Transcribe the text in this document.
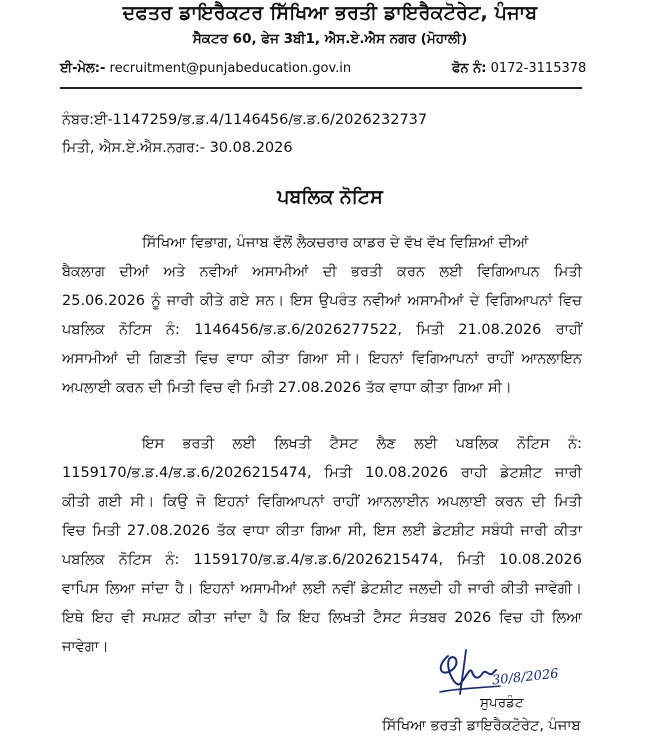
ਦਫਤਰ ਡਾਇਰੈਕਟਰ ਸਿੱਖਿਆ ਭਰਤੀ ਡਾਇਰੈਕਟੋਰੇਟ, ਪੰਜਾਬ
ਸੈਕਟਰ 60, ਫੇਜ 3ਬੀ1, ਐਸ.ਏ.ਐਸ ਨਗਰ (ਮੋਹਾਲੀ)
ਈ-ਮੇਲ:- recruitment@punjabeducation.gov.in	ਫੋਨ ਨੰ: 0172-3115378
ਨੰਬਰ:ਈ-1147259/ਭ.ਡ.4/1146456/ਭ.ਡ.6/2026232737
ਮਿਤੀ, ਐਸ.ਏ.ਐਸ.ਨਗਰ:- 30.08.2026
ਪਬਲਿਕ ਨੋਟਿਸ
ਸਿੱਖਿਆ ਵਿਭਾਗ, ਪੰਜਾਬ ਵੱਲੋਂ ਲੈਕਚਰਾਰ ਕਾਡਰ ਦੇ ਵੱਖ ਵੱਖ ਵਿਸ਼ਿਆਂ ਦੀਆਂ
ਬੈਕਲਾਗ ਦੀਆਂ ਅਤੇ ਨਵੀਆਂ ਅਸਾਮੀਆਂ ਦੀ ਭਰਤੀ ਕਰਨ ਲਈ ਵਿਗਿਆਪਨ ਮਿਤੀ
25.06.2026 ਨੂੰ ਜਾਰੀ ਕੀਤੇ ਗਏ ਸਨ। ਇਸ ਉਪਰੰਤ ਨਵੀਆਂ ਅਸਾਮੀਆਂ ਦੇ ਵਿਗਿਆਪਨਾਂ ਵਿਚ
ਪਬਲਿਕ ਨੋਟਿਸ ਨੰ: 1146456/ਭ.ਡ.6/2026277522, ਮਿਤੀ 21.08.2026 ਰਾਹੀਂ
ਅਸਾਮੀਆਂ ਦੀ ਗਿਣਤੀ ਵਿਚ ਵਾਧਾ ਕੀਤਾ ਗਿਆ ਸੀ। ਇਹਨਾਂ ਵਿਗਿਆਪਨਾਂ ਰਾਹੀਂ ਆਨਲਾਇਨ
ਅਪਲਾਈ ਕਰਨ ਦੀ ਮਿਤੀ ਵਿਚ ਵੀ ਮਿਤੀ 27.08.2026 ਤੱਕ ਵਾਧਾ ਕੀਤਾ ਗਿਆ ਸੀ।
ਇਸ ਭਰਤੀ ਲਈ ਲਿਖਤੀ ਟੈਸਟ ਲੈਣ ਲਈ ਪਬਲਿਕ ਨੋਟਿਸ ਨੰ:
1159170/ਭ.ਡ.4/ਭ.ਡ.6/2026215474, ਮਿਤੀ 10.08.2026 ਰਾਹੀ ਡੇਟਸ਼ੀਟ ਜਾਰੀ
ਕੀਤੀ ਗਈ ਸੀ। ਕਿਉ ਜੋ ਇਹਨਾਂ ਵਿਗਿਆਪਨਾਂ ਰਾਹੀਂ ਆਨਲਾਈਨ ਅਪਲਾਈ ਕਰਨ ਦੀ ਮਿਤੀ
ਵਿਚ ਮਿਤੀ 27.08.2026 ਤੱਕ ਵਾਧਾ ਕੀਤਾ ਗਿਆ ਸੀ, ਇਸ ਲਈ ਡੇਟਸ਼ੀਟ ਸਬੰਧੀ ਜਾਰੀ ਕੀਤਾ
ਪਬਲਿਕ ਨੋਟਿਸ ਨੰ: 1159170/ਭ.ਡ.4/ਭ.ਡ.6/2026215474, ਮਿਤੀ 10.08.2026
ਵਾਪਿਸ ਲਿਆ ਜਾਂਦਾ ਹੈ। ਇਹਨਾਂ ਅਸਾਮੀਆਂ ਲਈ ਨਵੀਂ ਡੇਟਸ਼ੀਟ ਜਲਦੀ ਹੀ ਜਾਰੀ ਕੀਤੀ ਜਾਵੇਗੀ।
ਇਥੇ ਇਹ ਵੀ ਸਪਸ਼ਟ ਕੀਤਾ ਜਾਂਦਾ ਹੈ ਕਿ ਇਹ ਲਿਖਤੀ ਟੈਸਟ ਸੰਤਬਰ 2026 ਵਿਚ ਹੀ ਲਿਆ
ਜਾਵੇਗਾ।
30/8/2026
ਸੁਪਰਡੰਟ
ਸਿੱਖਿਆ ਭਰਤੀ ਡਾਇਰੈਕਟੋਰੇਟ, ਪੰਜਾਬ
